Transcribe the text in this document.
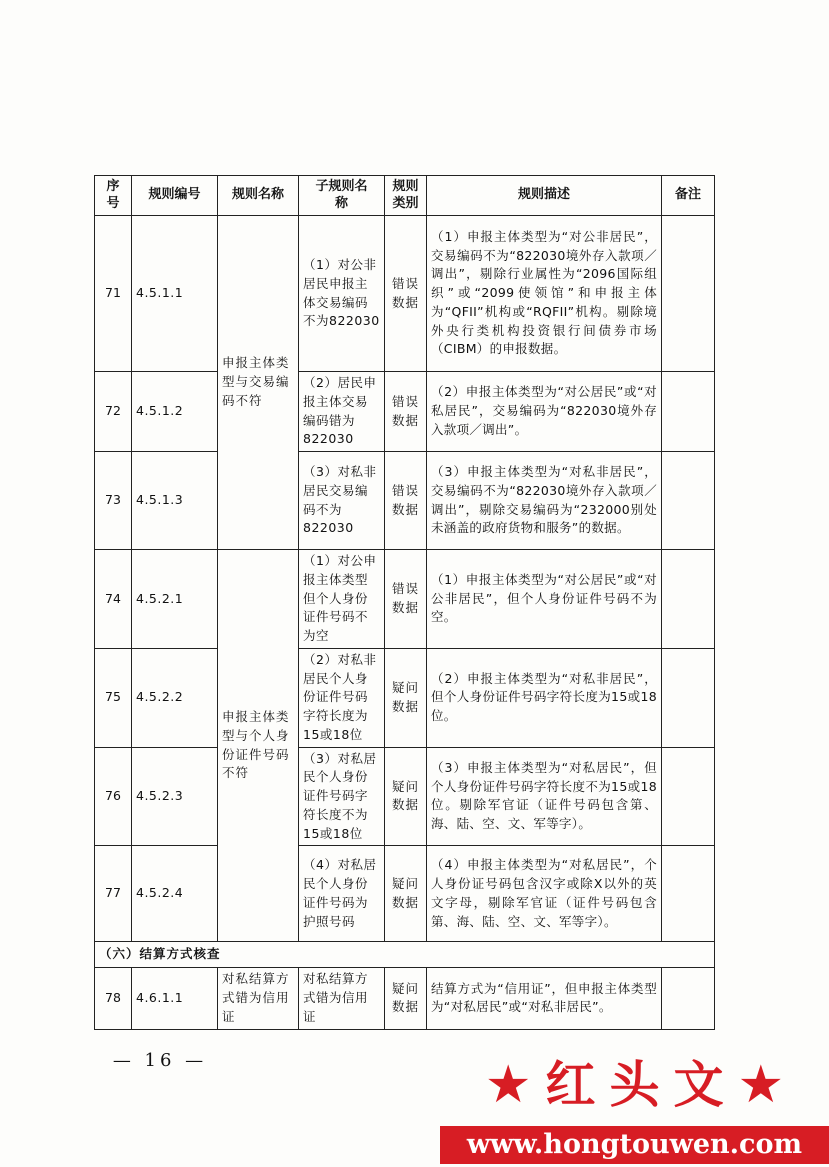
序号	规则编号	规则名称	子规则名称	规则类别	规则描述	备注
71	4.5.1.1	申报主体类型与交易编码不符	（1）对公非居民申报主体交易编码不为822030	错误数据	（1）申报主体类型为“对公非居民”，交易编码不为“822030境外存入款项／调出”，剔除行业属性为“2096国际组织”或“2099使领馆”和申报主体为“QFII”机构或“RQFII”机构。剔除境外央行类机构投资银行间债券市场（CIBM）的申报数据。	
72	4.5.1.2		（2）居民申报主体交易编码错为822030	错误数据	（2）申报主体类型为“对公居民”或“对私居民”，交易编码为“822030境外存入款项／调出”。	
73	4.5.1.3		（3）对私非居民交易编码不为822030	错误数据	（3）申报主体类型为“对私非居民”，交易编码不为“822030境外存入款项／调出”，剔除交易编码为“232000别处未涵盖的政府货物和服务”的数据。	
74	4.5.2.1	申报主体类型与个人身份证件号码不符	（1）对公申报主体类型但个人身份证件号码不为空	错误数据	（1）申报主体类型为“对公居民”或“对公非居民”，但个人身份证件号码不为空。	
75	4.5.2.2		（2）对私非居民个人身份证件号码字符长度为15或18位	疑问数据	（2）申报主体类型为“对私非居民”，但个人身份证件号码字符长度为15或18位。	
76	4.5.2.3		（3）对私居民个人身份证件号码字符长度不为15或18位	疑问数据	（3）申报主体类型为“对私居民”，但个人身份证件号码字符长度不为15或18位。剔除军官证（证件号码包含第、海、陆、空、文、军等字）。	
77	4.5.2.4		（4）对私居民个人身份证件号码为护照号码	疑问数据	（4）申报主体类型为“对私居民”，个人身份证号码包含汉字或除X以外的英文字母，剔除军官证（证件号码包含第、海、陆、空、文、军等字）。	
（六）结算方式核查						
78	4.6.1.1	对私结算方式错为信用证	对私结算方式错为信用证	疑问数据	结算方式为“信用证”，但申报主体类型为“对私居民”或“对私非居民”。	
— 16 —	★ 红 头 文 ★
www.hongtouwen.com
